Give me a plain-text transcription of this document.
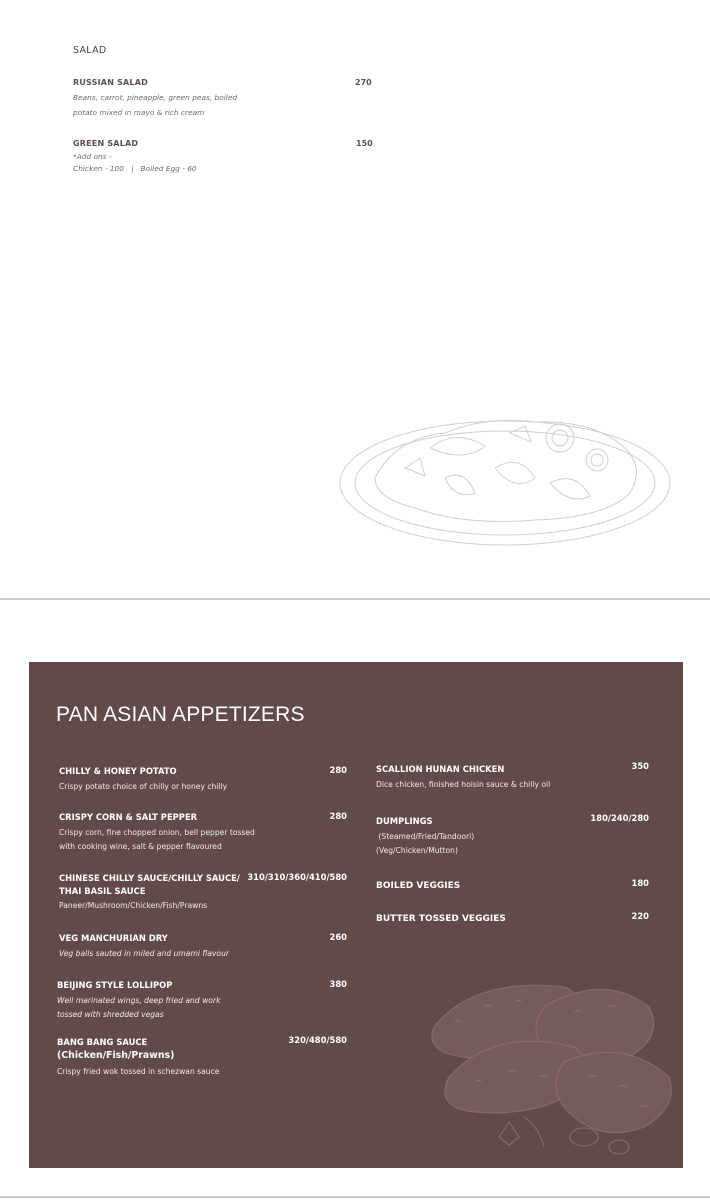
SALAD
RUSSIAN SALAD	270
Beans, carrot, pineapple, green peas, boiled
potato mixed in mayo & rich cream
GREEN SALAD	150
*Add ons -
Chicken - 100   |   Boiled Egg - 60
PAN ASIAN APPETIZERS
CHILLY & HONEY POTATO	280
Crispy potato choice of chilly or honey chilly
CRISPY CORN & SALT PEPPER	280
Crispy corn, fine chopped onion, bell pepper tossed
with cooking wine, salt & pepper flavoured
CHINESE CHILLY SAUCE/CHILLY SAUCE/
THAI BASIL SAUCE
310/310/360/410/580
Paneer/Mushroom/Chicken/Fish/Prawns
VEG MANCHURIAN DRY	260
Veg balls sauted in miled and umami flavour
BEIJING STYLE LOLLIPOP	380
Well marinated wings, deep fried and work
tossed with shredded vegas
BANG BANG SAUCE
(Chicken/Fish/Prawns)
320/480/580
Crispy fried wok tossed in schezwan sauce
SCALLION HUNAN CHICKEN	350
Dice chicken, finished hoisin sauce & chilly oil
DUMPLINGS	180/240/280
(Steamed/Fried/Tandoori)
(Veg/Chicken/Mutton)
BOILED VEGGIES	180
BUTTER TOSSED VEGGIES	220
